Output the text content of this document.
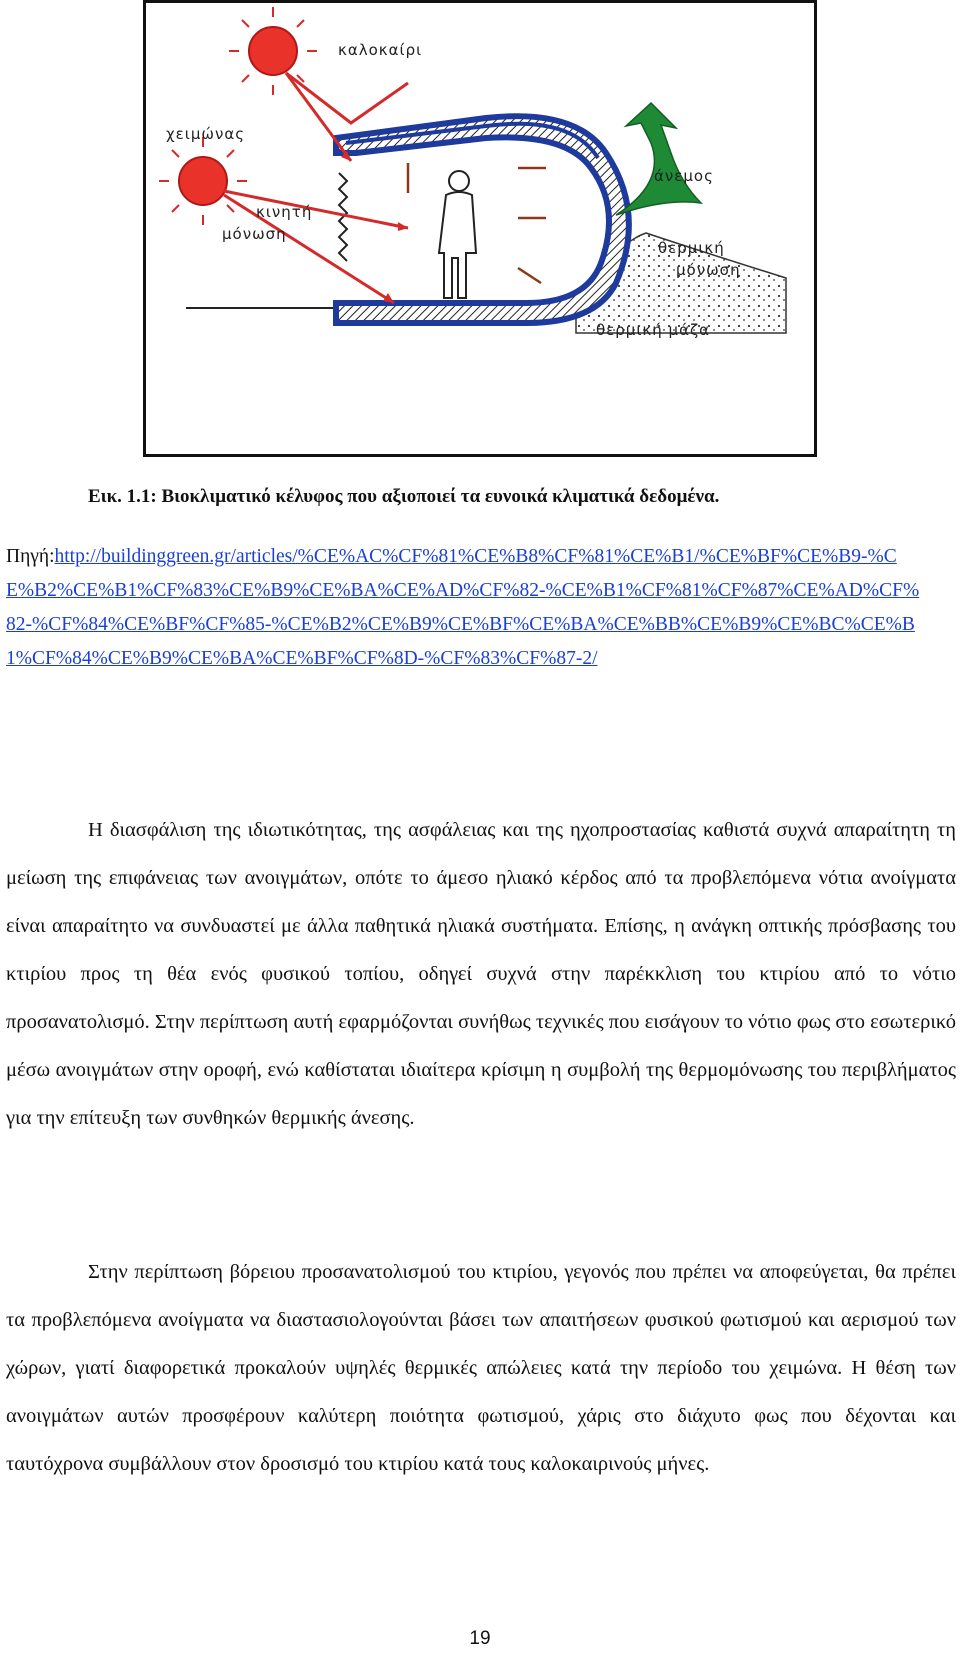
καλοκαίρι
χειμώνας
κινητή
μόνωση
άνεμος
θερμική
μόνωση
θερμική μάζα
Εικ. 1.1: Βιοκλιματικό κέλυφος που αξιοποιεί τα ευνοικά κλιματικά δεδομένα.
Πηγή:http://buildinggreen.gr/articles/%CE%AC%CF%81%CE%B8%CF%81%CE%B1/%CE%BF%CE%B9-%CE%B2%CE%B1%CF%83%CE%B9%CE%BA%CE%AD%CF%82-%CE%B1%CF%81%CF%87%CE%AD%CF%82-%CF%84%CE%BF%CF%85-%CE%B2%CE%B9%CE%BF%CE%BA%CE%BB%CE%B9%CE%BC%CE%B1%CF%84%CE%B9%CE%BA%CE%BF%CF%8D-%CF%83%CF%87-2/

Η διασφάλιση της ιδιωτικότητας, της ασφάλειας και της ηχοπροστασίας καθιστά συχνά απαραίτητη τη μείωση της επιφάνειας των ανοιγμάτων, οπότε το άμεσο ηλιακό κέρδος από τα προβλεπόμενα νότια ανοίγματα είναι απαραίτητο να συνδυαστεί με άλλα παθητικά ηλιακά συστήματα. Επίσης, η ανάγκη οπτικής πρόσβασης του κτιρίου προς τη θέα ενός φυσικού τοπίου, οδηγεί συχνά στην παρέκκλιση του κτιρίου από το νότιο προσανατολισμό. Στην περίπτωση αυτή εφαρμόζονται συνήθως τεχνικές που εισάγουν το νότιο φως στο εσωτερικό μέσω ανοιγμάτων στην οροφή, ενώ καθίσταται ιδιαίτερα κρίσιμη η συμβολή της θερμομόνωσης του περιβλήματος για την επίτευξη των συνθηκών θερμικής άνεσης.

Στην περίπτωση βόρειου προσανατολισμού του κτιρίου, γεγονός που πρέπει να αποφεύγεται, θα πρέπει τα προβλεπόμενα ανοίγματα να διαστασιολογούνται βάσει των απαιτήσεων φυσικού φωτισμού και αερισμού των χώρων, γιατί διαφορετικά προκαλούν υψηλές θερμικές απώλειες κατά την περίοδο του χειμώνα. Η θέση των ανοιγμάτων αυτών προσφέρουν καλύτερη ποιότητα φωτισμού, χάρις στο διάχυτο φως που δέχονται και ταυτόχρονα συμβάλλουν στον δροσισμό του κτιρίου κατά τους καλοκαιρινούς μήνες.

19
